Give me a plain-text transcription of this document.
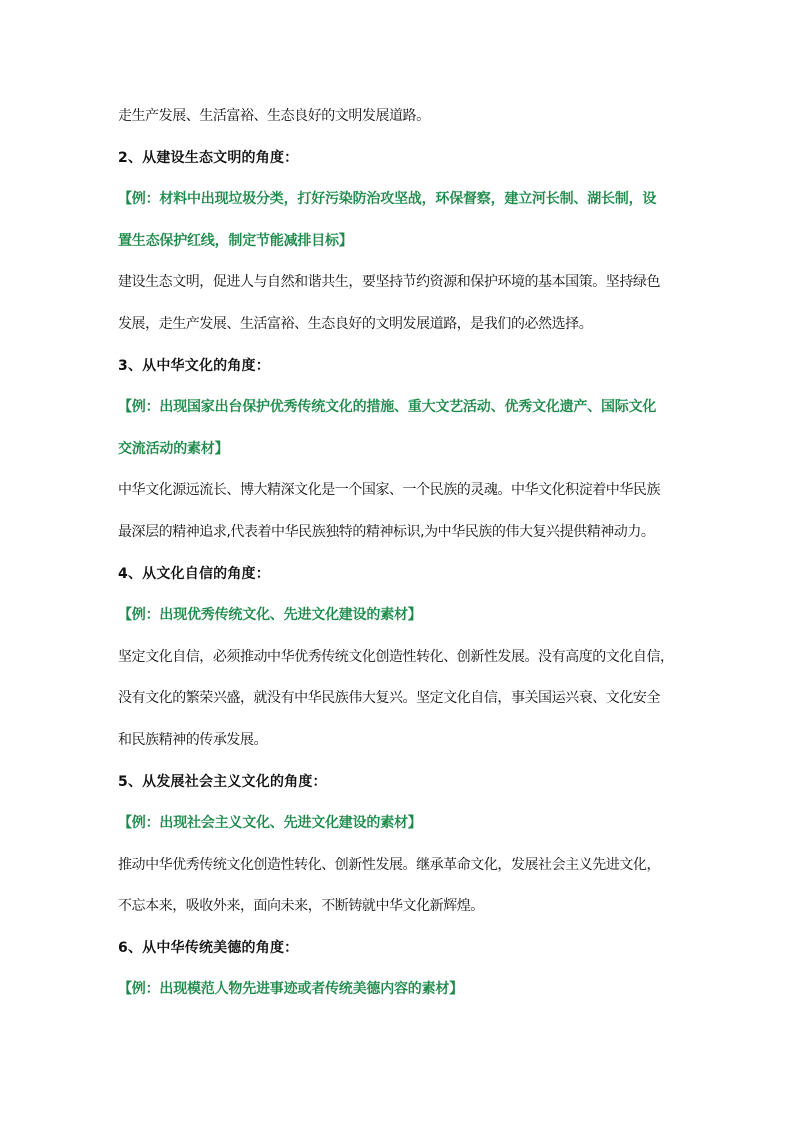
走生产发展、生活富裕、生态良好的文明发展道路。
2、从建设生态文明的角度：
【例：材料中出现垃圾分类，打好污染防治攻坚战，环保督察，建立河长制、湖长制，设
置生态保护红线，制定节能减排目标】
建设生态文明，促进人与自然和谐共生，要坚持节约资源和保护环境的基本国策。坚持绿色
发展，走生产发展、生活富裕、生态良好的文明发展道路，是我们的必然选择。
3、从中华文化的角度：
【例：出现国家出台保护优秀传统文化的措施、重大文艺活动、优秀文化遗产、国际文化
交流活动的素材】
中华文化源远流长、博大精深文化是一个国家、一个民族的灵魂。中华文化积淀着中华民族
最深层的精神追求,代表着中华民族独特的精神标识,为中华民族的伟大复兴提供精神动力。
4、从文化自信的角度：
【例：出现优秀传统文化、先进文化建设的素材】
坚定文化自信，必须推动中华优秀传统文化创造性转化、创新性发展。没有高度的文化自信，
没有文化的繁荣兴盛，就没有中华民族伟大复兴。坚定文化自信，事关国运兴衰、文化安全
和民族精神的传承发展。
5、从发展社会主义文化的角度：
【例：出现社会主义文化、先进文化建设的素材】
推动中华优秀传统文化创造性转化、创新性发展。继承革命文化，发展社会主义先进文化，
不忘本来，吸收外来，面向未来，不断铸就中华文化新辉煌。
6、从中华传统美德的角度：
【例：出现模范人物先进事迹或者传统美德内容的素材】
